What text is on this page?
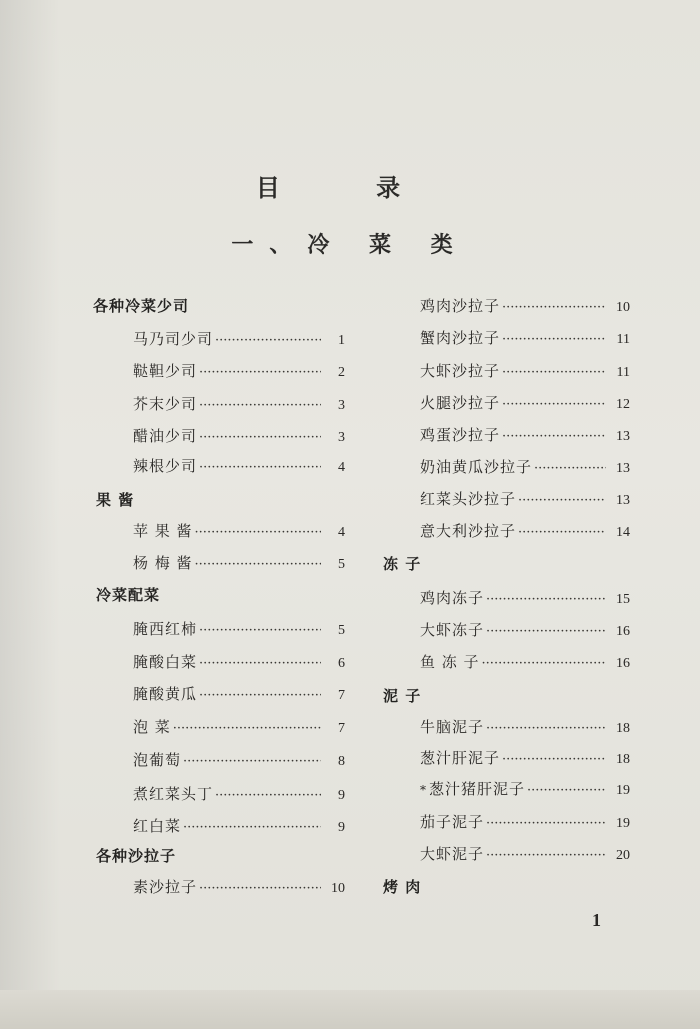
目 录
一、冷 菜 类
各种冷菜少司
马乃司少司 ·····	1
鞑靼少司 ·····	2
芥末少司 ·····	3
醋油少司 ·····	3
辣根少司 ·····	4
果 酱
苹 果 酱 ·····	4
杨 梅 酱 ·····	5
冷菜配菜
腌西红柿 ·····	5
腌酸白菜 ·····	6
腌酸黄瓜 ·····	7
泡 菜 ·····	7
泡葡萄 ·····	8
煮红菜头丁 ·····	9
红白菜 ·····	9
各种沙拉子
素沙拉子 ·····	10
鸡肉沙拉子 ·····	10
蟹肉沙拉子 ·····	11
大虾沙拉子 ·····	11
火腿沙拉子 ·····	12
鸡蛋沙拉子 ·····	13
奶油黄瓜沙拉子 ·····	13
红菜头沙拉子 ·····	13
意大利沙拉子 ·····	14
冻 子
鸡肉冻子 ·····	15
大虾冻子 ·····	16
鱼 冻 子 ·····	16
泥 子
牛脑泥子 ·····	18
葱汁肝泥子 ·····	18
* 葱汁猪肝泥子 ·····	19
茄子泥子 ·····	19
大虾泥子 ·····	20
烤 肉
1
